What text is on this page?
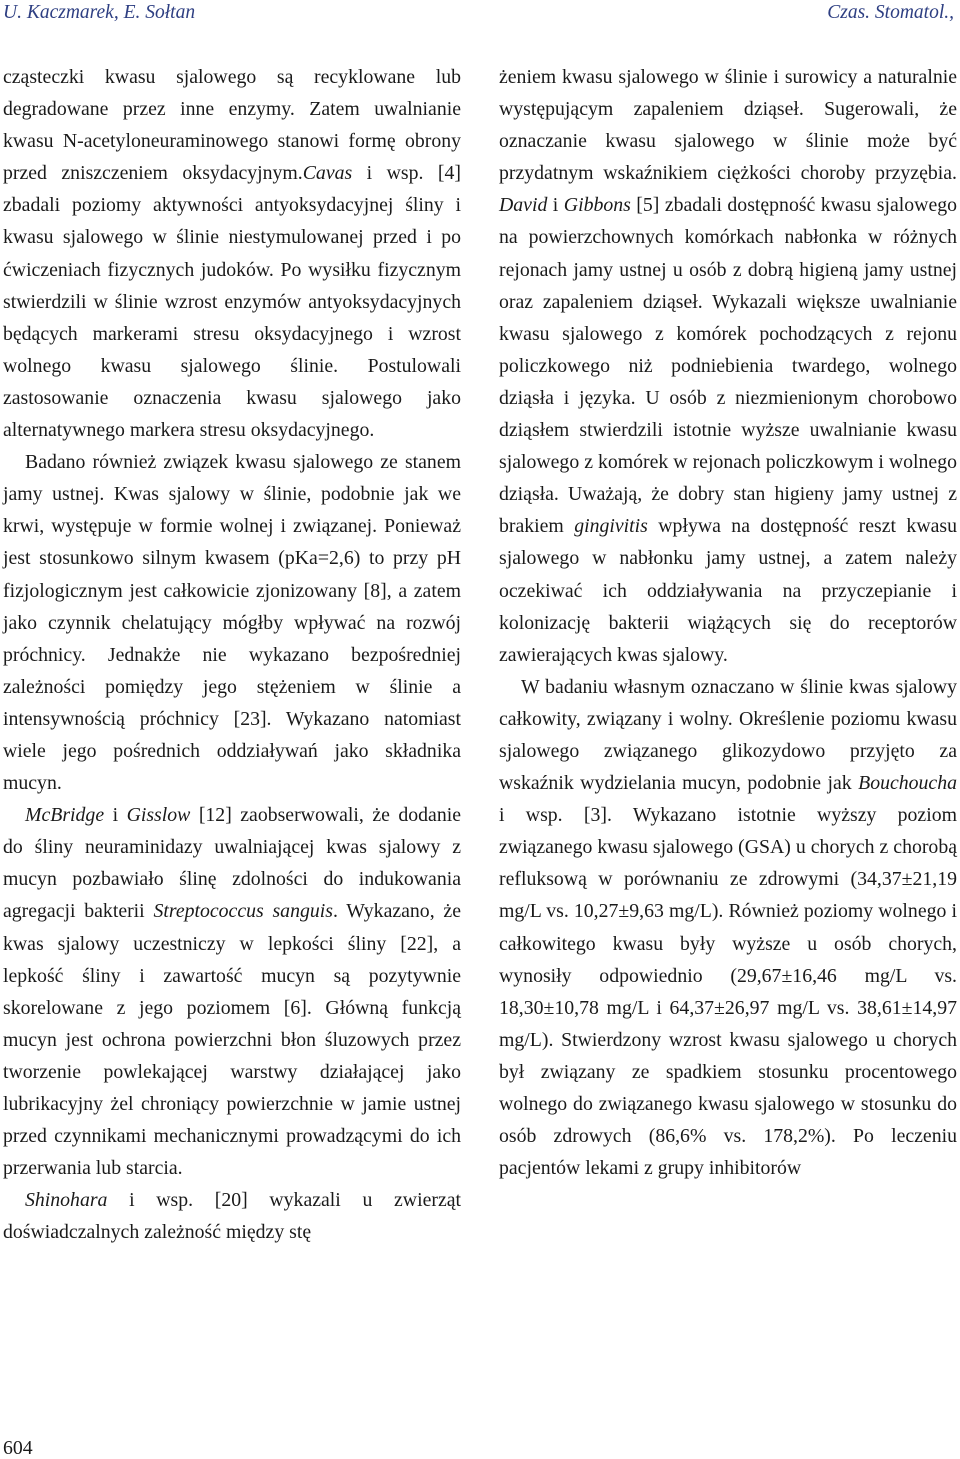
U. Kaczmarek, E. Sołtan	Czas. Stomatol.,

cząsteczki kwasu sjalowego są recyklowane lub degradowane przez inne enzymy. Zatem uwalnianie kwasu N-acetyloneuraminowego stanowi formę obrony przed zniszczeniem oksydacyjnym.Cavas i wsp. [4] zbadali poziomy aktywności antyoksydacyjnej śliny i kwasu sjalowego w ślinie niestymulowanej przed i po ćwiczeniach fizycznych judoków. Po wysiłku fizycznym stwierdzili w ślinie wzrost enzymów antyoksydacyjnych będących markerami stresu oksydacyjnego i wzrost wolnego kwasu sjalowego ślinie. Postulowali zastosowanie oznaczenia kwasu sjalowego jako alternatywnego markera stresu oksydacyjnego.

Badano również związek kwasu sjalowego ze stanem jamy ustnej. Kwas sjalowy w ślinie, podobnie jak we krwi, występuje w formie wolnej i związanej. Ponieważ jest stosunkowo silnym kwasem (pKa=2,6) to przy pH fizjologicznym jest całkowicie zjonizowany [8], a zatem jako czynnik chelatujący mógłby wpływać na rozwój próchnicy. Jednakże nie wykazano bezpośredniej zależności pomiędzy jego stężeniem w ślinie a intensywnością próchnicy [23]. Wykazano natomiast wiele jego pośrednich oddziaływań jako składnika mucyn.

McBridge i Gisslow [12] zaobserwowali, że dodanie do śliny neuraminidazy uwalniającej kwas sjalowy z mucyn pozbawiało ślinę zdolności do indukowania agregacji bakterii Streptococcus sanguis. Wykazano, że kwas sjalowy uczestniczy w lepkości śliny [22], a lepkość śliny i zawartość mucyn są pozytywnie skorelowane z jego poziomem [6]. Główną funkcją mucyn jest ochrona powierzchni błon śluzowych przez tworzenie powlekającej warstwy działającej jako lubrikacyjny żel chroniący powierzchnie w jamie ustnej przed czynnikami mechanicznymi prowadzącymi do ich przerwania lub starcia.

Shinohara i wsp. [20] wykazali u zwierząt doświadczalnych zależność między stę

żeniem kwasu sjalowego w ślinie i surowicy a naturalnie występującym zapaleniem dziąseł. Sugerowali, że oznaczanie kwasu sjalowego w ślinie może być przydatnym wskaźnikiem ciężkości choroby przyzębia. David i Gibbons [5] zbadali dostępność kwasu sjalowego na powierzchownych komórkach nabłonka w różnych rejonach jamy ustnej u osób z dobrą higieną jamy ustnej oraz zapaleniem dziąseł. Wykazali większe uwalnianie kwasu sjalowego z komórek pochodzących z rejonu policzkowego niż podniebienia twardego, wolnego dziąsła i języka. U osób z niezmienionym chorobowo dziąsłem stwierdzili istotnie wyższe uwalnianie kwasu sjalowego z komórek w rejonach policzkowym i wolnego dziąsła. Uważają, że dobry stan higieny jamy ustnej z brakiem gingivitis wpływa na dostępność reszt kwasu sjalowego w nabłonku jamy ustnej, a zatem należy oczekiwać ich oddziaływania na przyczepianie i kolonizację bakterii wiążących się do receptorów zawierających kwas sjalowy.

W badaniu własnym oznaczano w ślinie kwas sjalowy całkowity, związany i wolny. Określenie poziomu kwasu sjalowego związanego glikozydowo przyjęto za wskaźnik wydzielania mucyn, podobnie jak Bouchoucha i wsp. [3]. Wykazano istotnie wyższy poziom związanego kwasu sjalowego (GSA) u chorych z chorobą refluksową w porównaniu ze zdrowymi (34,37±21,19 mg/L vs. 10,27±9,63 mg/L). Również poziomy wolnego i całkowitego kwasu były wyższe u osób chorych, wynosiły odpowiednio (29,67±16,46 mg/L vs. 18,30±10,78 mg/L i 64,37±26,97 mg/L vs. 38,61±14,97 mg/L). Stwierdzony wzrost kwasu sjalowego u chorych był związany ze spadkiem stosunku procentowego wolnego do związanego kwasu sjalowego w stosunku do osób zdrowych (86,6% vs. 178,2%). Po leczeniu pacjentów lekami z grupy inhibitorów

604
